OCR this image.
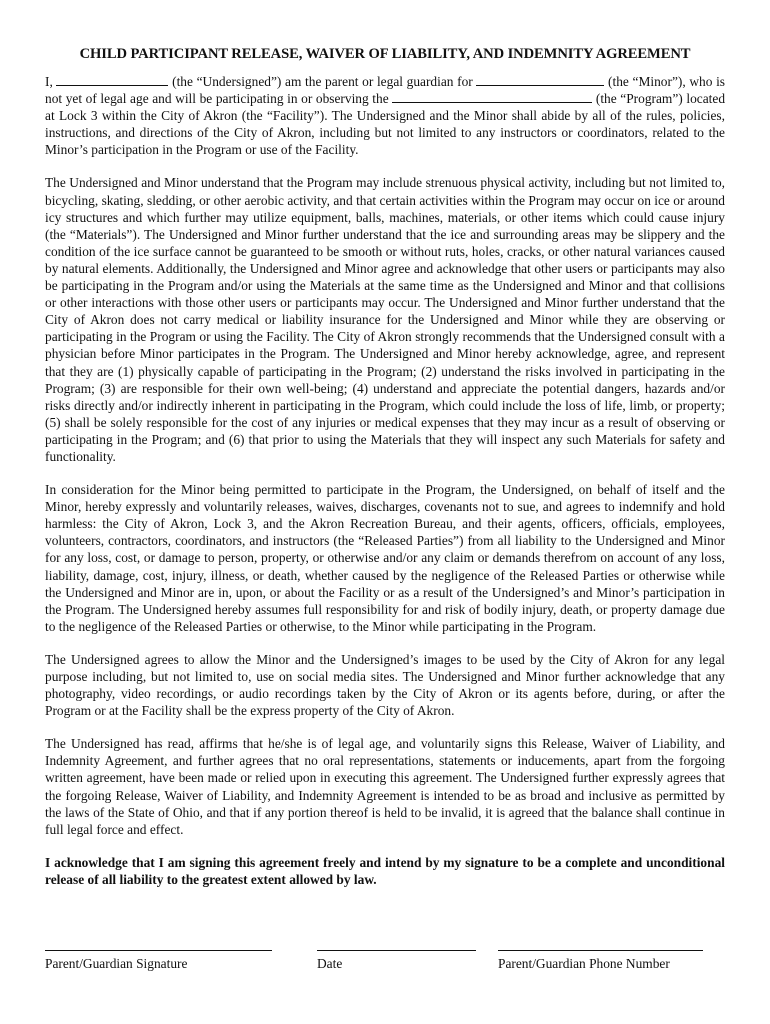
CHILD PARTICIPANT RELEASE, WAIVER OF LIABILITY, AND INDEMNITY AGREEMENT

I,	(the “Undersigned”) am the parent or legal guardian for	(the “Minor”), who is not yet of legal age and will be participating in or observing the	(the “Program”) located at Lock 3 within the City of Akron (the “Facility”). The Undersigned and the Minor shall abide by all of the rules, policies, instructions, and directions of the City of Akron, including but not limited to any instructors or coordinators, related to the Minor’s participation in the Program or use of the Facility.

The Undersigned and Minor understand that the Program may include strenuous physical activity, including but not limited to, bicycling, skating, sledding, or other aerobic activity, and that certain activities within the Program may occur on ice or around icy structures and which further may utilize equipment, balls, machines, materials, or other items which could cause injury (the “Materials”). The Undersigned and Minor further understand that the ice and surrounding areas may be slippery and the condition of the ice surface cannot be guaranteed to be smooth or without ruts, holes, cracks, or other natural variances caused by natural elements. Additionally, the Undersigned and Minor agree and acknowledge that other users or participants may also be participating in the Program and/or using the Materials at the same time as the Undersigned and Minor and that collisions or other interactions with those other users or participants may occur. The Undersigned and Minor further understand that the City of Akron does not carry medical or liability insurance for the Undersigned and Minor while they are observing or participating in the Program or using the Facility. The City of Akron strongly recommends that the Undersigned consult with a physician before Minor participates in the Program. The Undersigned and Minor hereby acknowledge, agree, and represent that they are (1) physically capable of participating in the Program; (2) understand the risks involved in participating in the Program; (3) are responsible for their own well-being; (4) understand and appreciate the potential dangers, hazards and/or risks directly and/or indirectly inherent in participating in the Program, which could include the loss of life, limb, or property; (5) shall be solely responsible for the cost of any injuries or medical expenses that they may incur as a result of observing or participating in the Program; and (6) that prior to using the Materials that they will inspect any such Materials for safety and functionality.

In consideration for the Minor being permitted to participate in the Program, the Undersigned, on behalf of itself and the Minor, hereby expressly and voluntarily releases, waives, discharges, covenants not to sue, and agrees to indemnify and hold harmless: the City of Akron, Lock 3, and the Akron Recreation Bureau, and their agents, officers, officials, employees, volunteers, contractors, coordinators, and instructors (the “Released Parties”) from all liability to the Undersigned and Minor for any loss, cost, or damage to person, property, or otherwise and/or any claim or demands therefrom on account of any loss, liability, damage, cost, injury, illness, or death, whether caused by the negligence of the Released Parties or otherwise while the Undersigned and Minor are in, upon, or about the Facility or as a result of the Undersigned’s and Minor’s participation in the Program. The Undersigned hereby assumes full responsibility for and risk of bodily injury, death, or property damage due to the negligence of the Released Parties or otherwise, to the Minor while participating in the Program.

The Undersigned agrees to allow the Minor and the Undersigned’s images to be used by the City of Akron for any legal purpose including, but not limited to, use on social media sites. The Undersigned and Minor further acknowledge that any photography, video recordings, or audio recordings taken by the City of Akron or its agents before, during, or after the Program or at the Facility shall be the express property of the City of Akron.

The Undersigned has read, affirms that he/she is of legal age, and voluntarily signs this Release, Waiver of Liability, and Indemnity Agreement, and further agrees that no oral representations, statements or inducements, apart from the forgoing written agreement, have been made or relied upon in executing this agreement. The Undersigned further expressly agrees that the forgoing Release, Waiver of Liability, and Indemnity Agreement is intended to be as broad and inclusive as permitted by the laws of the State of Ohio, and that if any portion thereof is held to be invalid, it is agreed that the balance shall continue in full legal force and effect.

I acknowledge that I am signing this agreement freely and intend by my signature to be a complete and unconditional release of all liability to the greatest extent allowed by law.

Parent/Guardian Signature	Date	Parent/Guardian Phone Number
